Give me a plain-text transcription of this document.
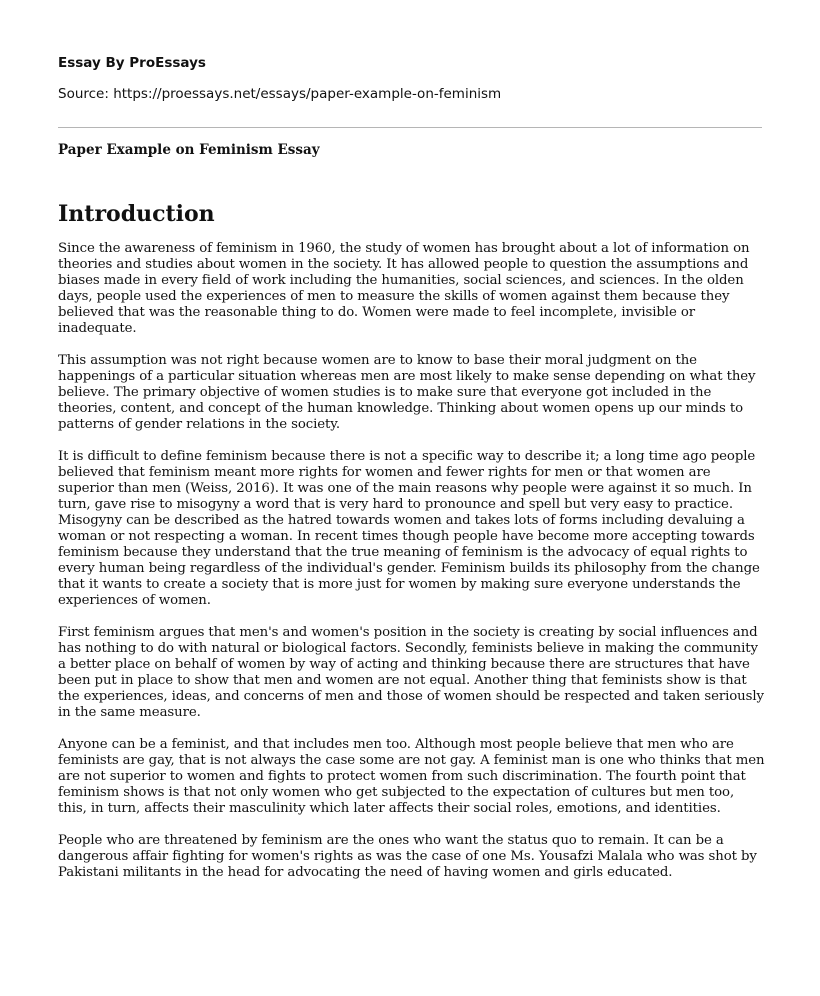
Essay By ProEssays

Source: https://proessays.net/essays/paper-example-on-feminism

Paper Example on Feminism Essay

Introduction

Since the awareness of feminism in 1960, the study of women has brought about a lot of information on theories and studies about women in the society. It has allowed people to question the assumptions and biases made in every field of work including the humanities, social sciences, and sciences. In the olden days, people used the experiences of men to measure the skills of women against them because they believed that was the reasonable thing to do. Women were made to feel incomplete, invisible or inadequate.

This assumption was not right because women are to know to base their moral judgment on the happenings of a particular situation whereas men are most likely to make sense depending on what they believe. The primary objective of women studies is to make sure that everyone got included in the theories, content, and concept of the human knowledge. Thinking about women opens up our minds to patterns of gender relations in the society.

It is difficult to define feminism because there is not a specific way to describe it; a long time ago people believed that feminism meant more rights for women and fewer rights for men or that women are superior than men (Weiss, 2016). It was one of the main reasons why people were against it so much. In turn, gave rise to misogyny a word that is very hard to pronounce and spell but very easy to practice. Misogyny can be described as the hatred towards women and takes lots of forms including devaluing a woman or not respecting a woman. In recent times though people have become more accepting towards feminism because they understand that the true meaning of feminism is the advocacy of equal rights to every human being regardless of the individual's gender. Feminism builds its philosophy from the change that it wants to create a society that is more just for women by making sure everyone understands the experiences of women.

First feminism argues that men's and women's position in the society is creating by social influences and has nothing to do with natural or biological factors. Secondly, feminists believe in making the community a better place on behalf of women by way of acting and thinking because there are structures that have been put in place to show that men and women are not equal. Another thing that feminists show is that the experiences, ideas, and concerns of men and those of women should be respected and taken seriously in the same measure.

Anyone can be a feminist, and that includes men too. Although most people believe that men who are feminists are gay, that is not always the case some are not gay. A feminist man is one who thinks that men are not superior to women and fights to protect women from such discrimination. The fourth point that feminism shows is that not only women who get subjected to the expectation of cultures but men too, this, in turn, affects their masculinity which later affects their social roles, emotions, and identities.

People who are threatened by feminism are the ones who want the status quo to remain. It can be a dangerous affair fighting for women's rights as was the case of one Ms. Yousafzi Malala who was shot by Pakistani militants in the head for advocating the need of having women and girls educated.
